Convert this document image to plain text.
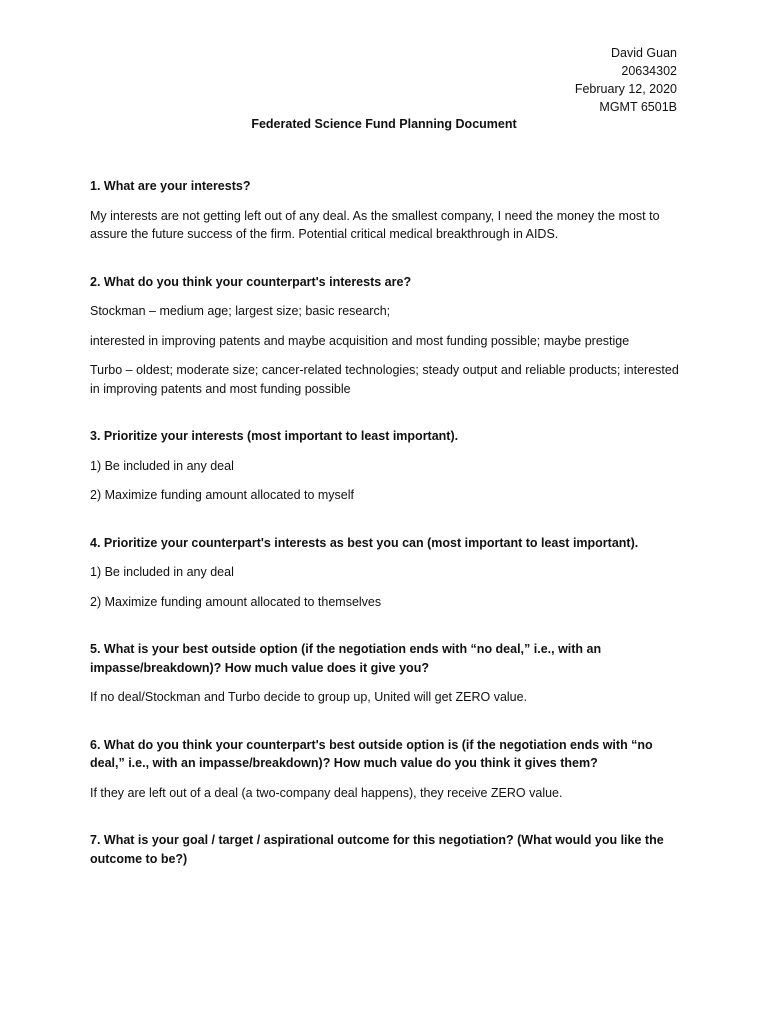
David Guan
20634302
February 12, 2020
MGMT 6501B
Federated Science Fund Planning Document

1. What are your interests?

My interests are not getting left out of any deal. As the smallest company, I need the money the most to assure the future success of the firm. Potential critical medical breakthrough in AIDS.

2. What do you think your counterpart's interests are?

Stockman – medium age; largest size; basic research;

interested in improving patents and maybe acquisition and most funding possible; maybe prestige

Turbo – oldest; moderate size; cancer-related technologies; steady output and reliable products; interested in improving patents and most funding possible

3. Prioritize your interests (most important to least important).

1) Be included in any deal

2) Maximize funding amount allocated to myself

4. Prioritize your counterpart's interests as best you can (most important to least important).

1) Be included in any deal

2) Maximize funding amount allocated to themselves

5. What is your best outside option (if the negotiation ends with “no deal,” i.e., with an impasse/breakdown)? How much value does it give you?

If no deal/Stockman and Turbo decide to group up, United will get ZERO value.

6. What do you think your counterpart's best outside option is (if the negotiation ends with “no deal,” i.e., with an impasse/breakdown)? How much value do you think it gives them?

If they are left out of a deal (a two-company deal happens), they receive ZERO value.

7. What is your goal / target / aspirational outcome for this negotiation? (What would you like the outcome to be?)
